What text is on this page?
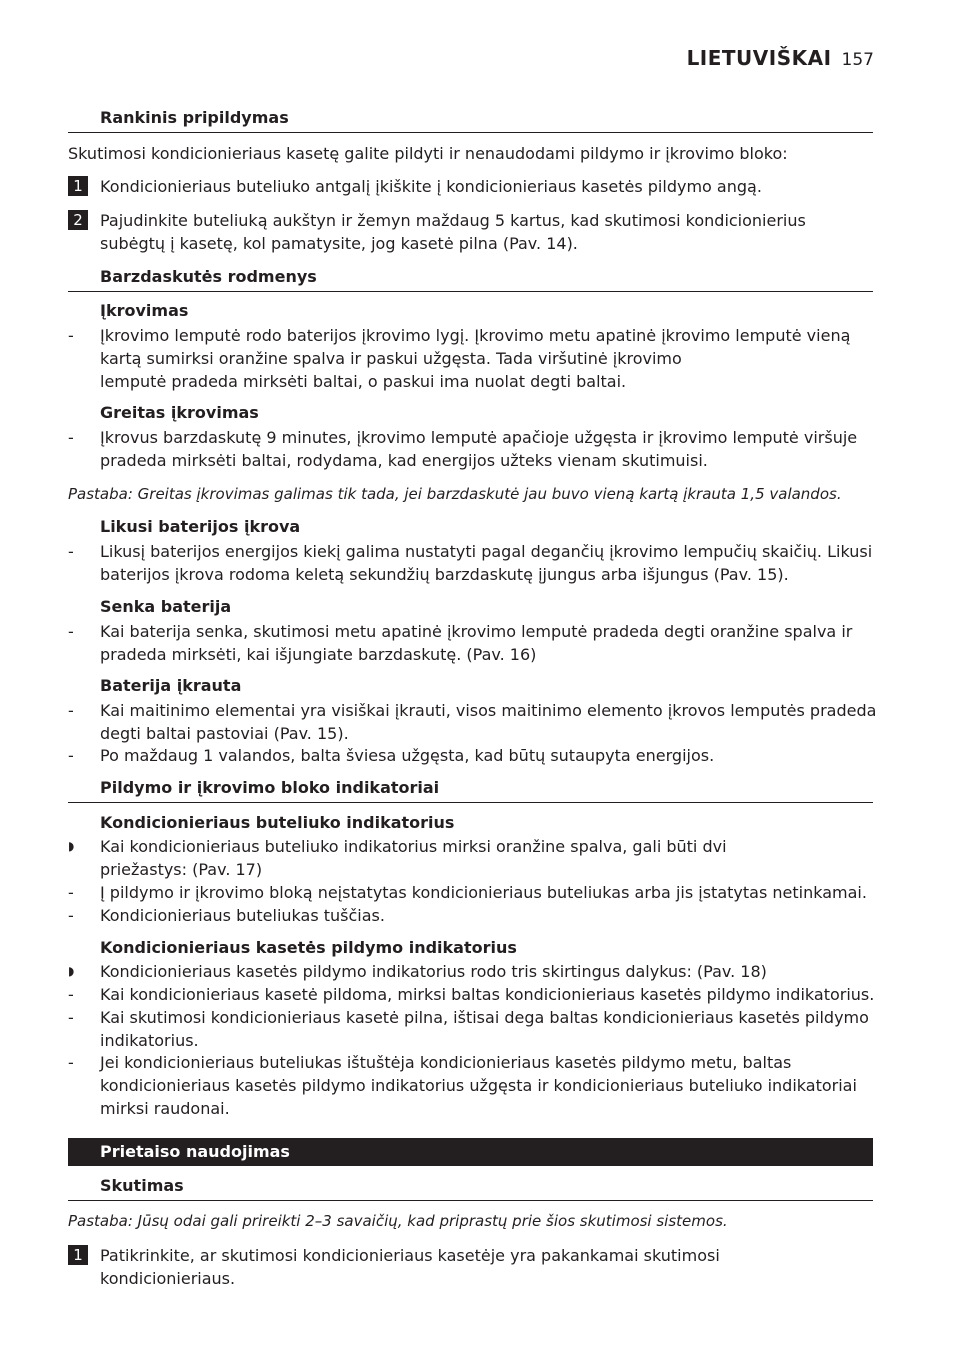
LIETUVIŠKAI 157
Rankinis pripildymas
Skutimosi kondicionieriaus kasetę galite pildyti ir nenaudodami pildymo ir įkrovimo bloko:
1	Kondicionieriaus buteliuko antgalį įkiškite į kondicionieriaus kasetės pildymo angą.
2	Pajudinkite buteliuką aukštyn ir žemyn maždaug 5 kartus, kad skutimosi kondicionierius
subėgtų į kasetę, kol pamatysite, jog kasetė pilna (Pav. 14).
Barzdaskutės rodmenys
Įkrovimas
-	Įkrovimo lemputė rodo baterijos įkrovimo lygį. Įkrovimo metu apatinė įkrovimo lemputė vieną
kartą sumirksi oranžine spalva ir paskui užgęsta. Tada viršutinė įkrovimo
lemputė pradeda mirksėti baltai, o paskui ima nuolat degti baltai.
Greitas įkrovimas
-	Įkrovus barzdaskutę 9 minutes, įkrovimo lemputė apačioje užgęsta ir įkrovimo lemputė viršuje
pradeda mirksėti baltai, rodydama, kad energijos užteks vienam skutimuisi.
Pastaba: Greitas įkrovimas galimas tik tada, jei barzdaskutė jau buvo vieną kartą įkrauta 1,5 valandos.
Likusi baterijos įkrova
-	Likusį baterijos energijos kiekį galima nustatyti pagal degančių įkrovimo lempučių skaičių. Likusi
baterijos įkrova rodoma keletą sekundžių barzdaskutę įjungus arba išjungus (Pav. 15).
Senka baterija
-	Kai baterija senka, skutimosi metu apatinė įkrovimo lemputė pradeda degti oranžine spalva ir
pradeda mirksėti, kai išjungiate barzdaskutę. (Pav. 16)
Baterija įkrauta
-	Kai maitinimo elementai yra visiškai įkrauti, visos maitinimo elemento įkrovos lemputės pradeda
degti baltai pastoviai (Pav. 15).
-	Po maždaug 1 valandos, balta šviesa užgęsta, kad būtų sutaupyta energijos.
Pildymo ir įkrovimo bloko indikatoriai
Kondicionieriaus buteliuko indikatorius
◗	Kai kondicionieriaus buteliuko indikatorius mirksi oranžine spalva, gali būti dvi
priežastys: (Pav. 17)
-	Į pildymo ir įkrovimo bloką neįstatytas kondicionieriaus buteliukas arba jis įstatytas netinkamai.
-	Kondicionieriaus buteliukas tuščias.
Kondicionieriaus kasetės pildymo indikatorius
◗	Kondicionieriaus kasetės pildymo indikatorius rodo tris skirtingus dalykus: (Pav. 18)
-	Kai kondicionieriaus kasetė pildoma, mirksi baltas kondicionieriaus kasetės pildymo indikatorius.
-	Kai skutimosi kondicionieriaus kasetė pilna, ištisai dega baltas kondicionieriaus kasetės pildymo
indikatorius.
-	Jei kondicionieriaus buteliukas ištuštėja kondicionieriaus kasetės pildymo metu, baltas
kondicionieriaus kasetės pildymo indikatorius užgęsta ir kondicionieriaus buteliuko indikatoriai
mirksi raudonai.
Prietaiso naudojimas
Skutimas
Pastaba: Jūsų odai gali prireikti 2–3 savaičių, kad priprastų prie šios skutimosi sistemos.
1	Patikrinkite, ar skutimosi kondicionieriaus kasetėje yra pakankamai skutimosi
kondicionieriaus.
